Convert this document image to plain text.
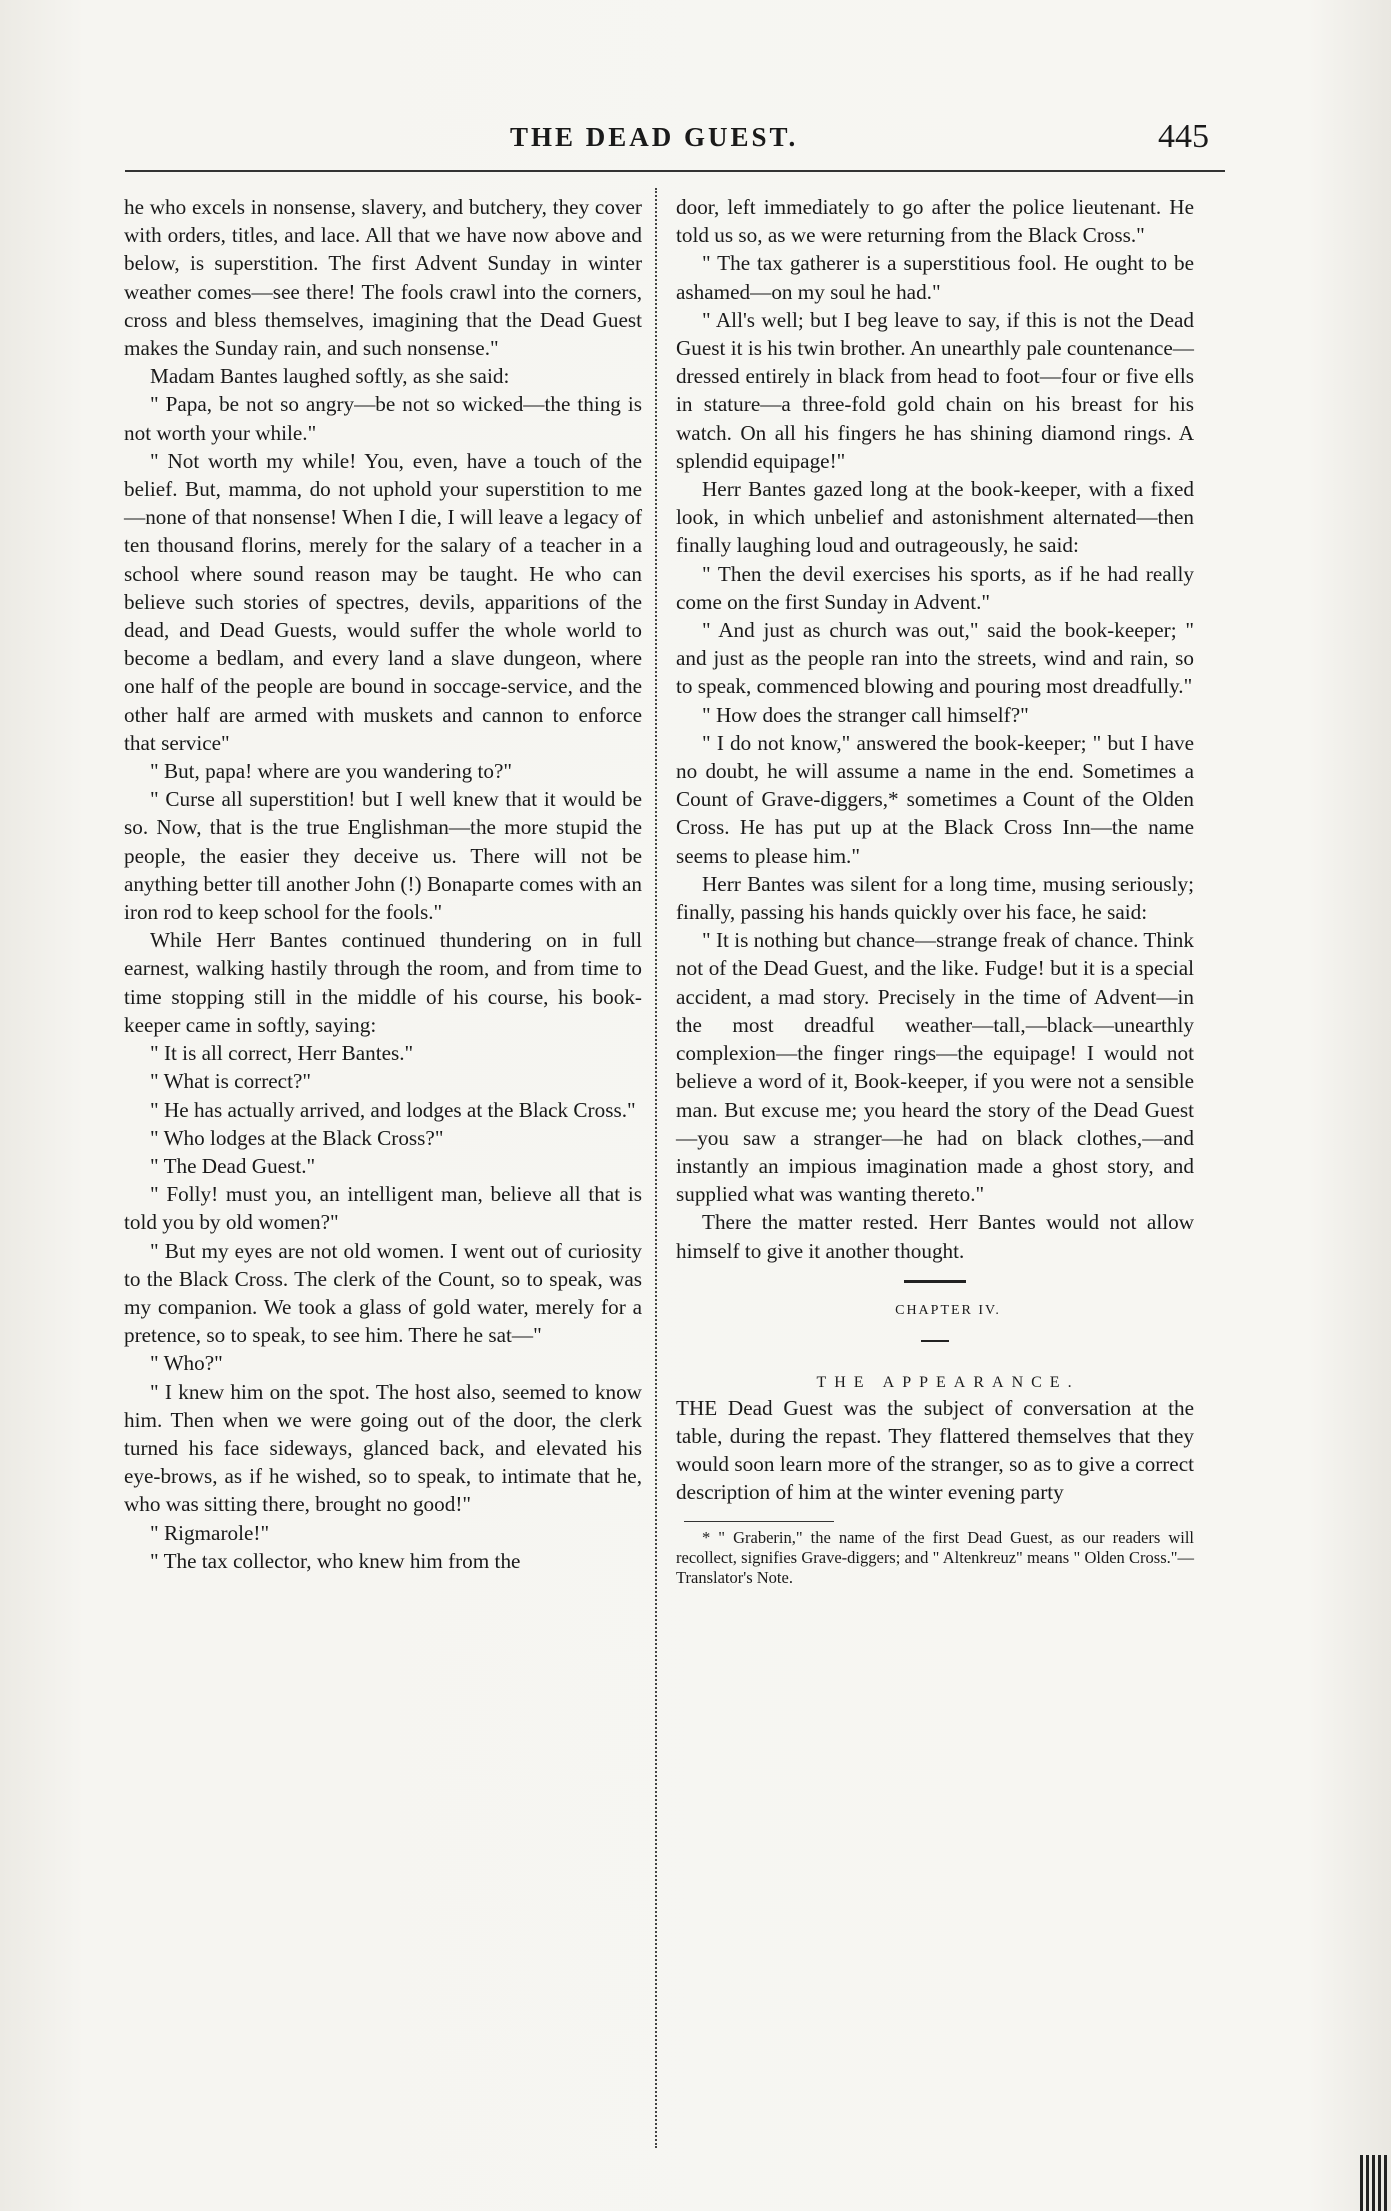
THE DEAD GUEST.	445

he who excels in nonsense, slavery, and butchery, they cover with orders, titles, and lace. All that we have now above and below, is superstition. The first Advent Sunday in winter weather comes—see there! The fools crawl into the corners, cross and bless themselves, imagining that the Dead Guest makes the Sunday rain, and such nonsense."

Madam Bantes laughed softly, as she said:

" Papa, be not so angry—be not so wicked—the thing is not worth your while."

" Not worth my while! You, even, have a touch of the belief. But, mamma, do not uphold your superstition to me—none of that nonsense! When I die, I will leave a legacy of ten thousand florins, merely for the salary of a teacher in a school where sound reason may be taught. He who can believe such stories of spectres, devils, apparitions of the dead, and Dead Guests, would suffer the whole world to become a bedlam, and every land a slave dungeon, where one half of the people are bound in soccage-service, and the other half are armed with muskets and cannon to enforce that service"

" But, papa! where are you wandering to?"

" Curse all superstition! but I well knew that it would be so. Now, that is the true Englishman—the more stupid the people, the easier they deceive us. There will not be anything better till another John (!) Bonaparte comes with an iron rod to keep school for the fools."

While Herr Bantes continued thundering on in full earnest, walking hastily through the room, and from time to time stopping still in the middle of his course, his book-keeper came in softly, saying:

" It is all correct, Herr Bantes."

" What is correct?"

" He has actually arrived, and lodges at the Black Cross."

" Who lodges at the Black Cross?"

" The Dead Guest."

" Folly! must you, an intelligent man, believe all that is told you by old women?"

" But my eyes are not old women. I went out of curiosity to the Black Cross. The clerk of the Count, so to speak, was my companion. We took a glass of gold water, merely for a pretence, so to speak, to see him. There he sat—"

" Who?"

" I knew him on the spot. The host also, seemed to know him. Then when we were going out of the door, the clerk turned his face sideways, glanced back, and elevated his eye-brows, as if he wished, so to speak, to intimate that he, who was sitting there, brought no good!"

" Rigmarole!"

" The tax collector, who knew him from the

door, left immediately to go after the police lieutenant. He told us so, as we were returning from the Black Cross."

" The tax gatherer is a superstitious fool. He ought to be ashamed—on my soul he had."

" All's well; but I beg leave to say, if this is not the Dead Guest it is his twin brother. An unearthly pale countenance—dressed entirely in black from head to foot—four or five ells in stature—a three-fold gold chain on his breast for his watch. On all his fingers he has shining diamond rings. A splendid equipage!"

Herr Bantes gazed long at the book-keeper, with a fixed look, in which unbelief and astonishment alternated—then finally laughing loud and outrageously, he said:

" Then the devil exercises his sports, as if he had really come on the first Sunday in Advent."

" And just as church was out," said the book-keeper; " and just as the people ran into the streets, wind and rain, so to speak, commenced blowing and pouring most dreadfully."

" How does the stranger call himself?"

" I do not know," answered the book-keeper; " but I have no doubt, he will assume a name in the end. Sometimes a Count of Grave-diggers,* sometimes a Count of the Olden Cross. He has put up at the Black Cross Inn—the name seems to please him."

Herr Bantes was silent for a long time, musing seriously; finally, passing his hands quickly over his face, he said:

" It is nothing but chance—strange freak of chance. Think not of the Dead Guest, and the like. Fudge! but it is a special accident, a mad story. Precisely in the time of Advent—in the most dreadful weather—tall,—black—unearthly complexion—the finger rings—the equipage! I would not believe a word of it, Book-keeper, if you were not a sensible man. But excuse me; you heard the story of the Dead Guest—you saw a stranger—he had on black clothes,—and instantly an impious imagination made a ghost story, and supplied what was wanting thereto."

There the matter rested. Herr Bantes would not allow himself to give it another thought.

CHAPTER IV.

THE APPEARANCE.

THE Dead Guest was the subject of conversation at the table, during the repast. They flattered themselves that they would soon learn more of the stranger, so as to give a correct description of him at the winter evening party

* " Graberin," the name of the first Dead Guest, as our readers will recollect, signifies Grave-diggers; and " Altenkreuz" means " Olden Cross."—Translator's Note.
